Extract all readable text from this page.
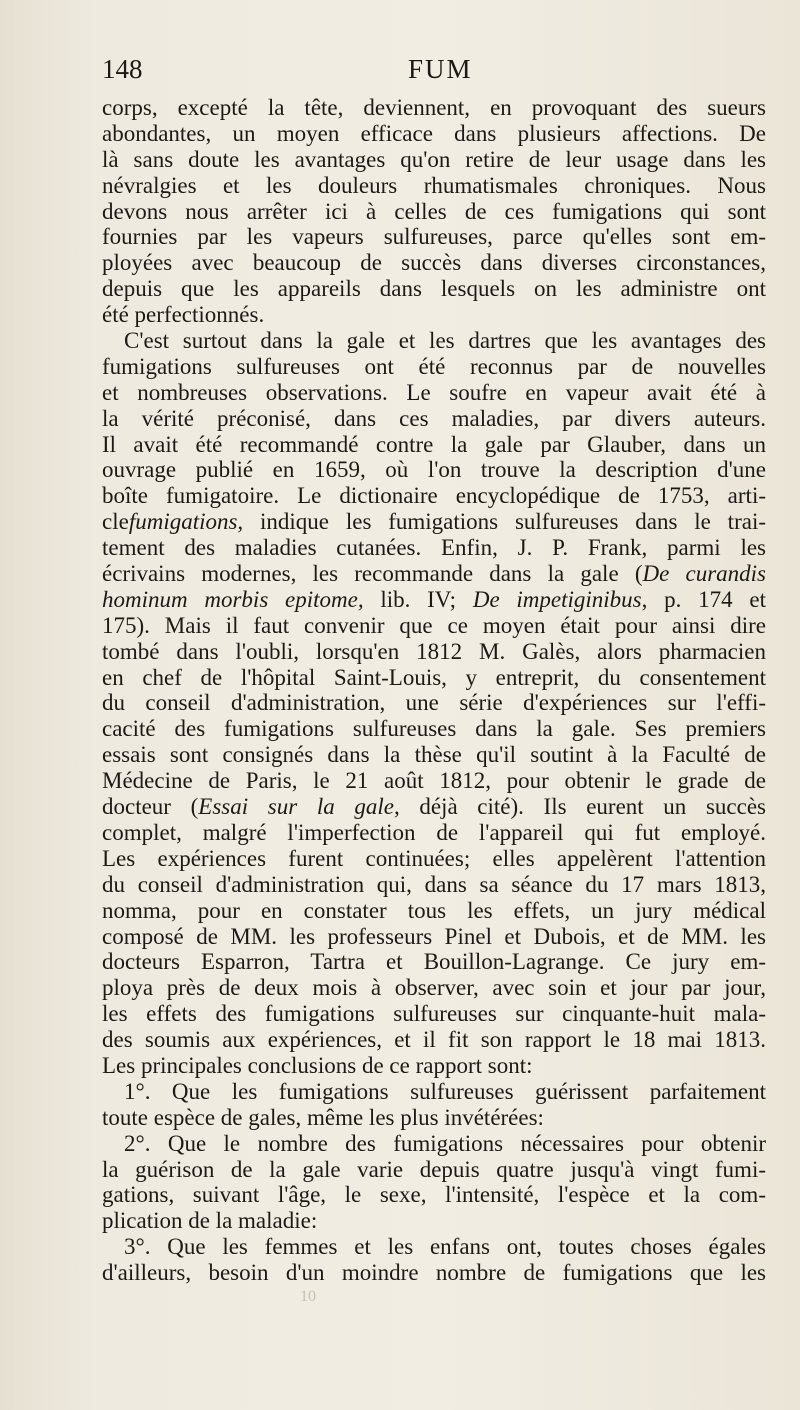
148	FUM
corps, excepté la tête, deviennent, en provoquant des sueurs
abondantes, un moyen efficace dans plusieurs affections. De
là sans doute les avantages qu'on retire de leur usage dans les
névralgies et les douleurs rhumatismales chroniques. Nous
devons nous arrêter ici à celles de ces fumigations qui sont
fournies par les vapeurs sulfureuses, parce qu'elles sont em-
ployées avec beaucoup de succès dans diverses circonstances,
depuis que les appareils dans lesquels on les administre ont
été perfectionnés.
C'est surtout dans la gale et les dartres que les avantages des
fumigations sulfureuses ont été reconnus par de nouvelles
et nombreuses observations. Le soufre en vapeur avait été à
la vérité préconisé, dans ces maladies, par divers auteurs.
Il avait été recommandé contre la gale par Glauber, dans un
ouvrage publié en 1659, où l'on trouve la description d'une
boîte fumigatoire. Le dictionaire encyclopédique de 1753, arti-
clefumigations, indique les fumigations sulfureuses dans le trai-
tement des maladies cutanées. Enfin, J. P. Frank, parmi les
écrivains modernes, les recommande dans la gale (De curandis
hominum morbis epitome, lib. IV; De impetiginibus, p. 174 et
175). Mais il faut convenir que ce moyen était pour ainsi dire
tombé dans l'oubli, lorsqu'en 1812 M. Galès, alors pharmacien
en chef de l'hôpital Saint-Louis, y entreprit, du consentement
du conseil d'administration, une série d'expériences sur l'effi-
cacité des fumigations sulfureuses dans la gale. Ses premiers
essais sont consignés dans la thèse qu'il soutint à la Faculté de
Médecine de Paris, le 21 août 1812, pour obtenir le grade de
docteur (Essai sur la gale, déjà cité). Ils eurent un succès
complet, malgré l'imperfection de l'appareil qui fut employé.
Les expériences furent continuées; elles appelèrent l'attention
du conseil d'administration qui, dans sa séance du 17 mars 1813,
nomma, pour en constater tous les effets, un jury médical
composé de MM. les professeurs Pinel et Dubois, et de MM. les
docteurs Esparron, Tartra et Bouillon-Lagrange. Ce jury em-
ploya près de deux mois à observer, avec soin et jour par jour,
les effets des fumigations sulfureuses sur cinquante-huit mala-
des soumis aux expériences, et il fit son rapport le 18 mai 1813.
Les principales conclusions de ce rapport sont:
1°. Que les fumigations sulfureuses guérissent parfaitement
toute espèce de gales, même les plus invétérées:
2°. Que le nombre des fumigations nécessaires pour obtenir
la guérison de la gale varie depuis quatre jusqu'à vingt fumi-
gations, suivant l'âge, le sexe, l'intensité, l'espèce et la com-
plication de la maladie:
3°. Que les femmes et les enfans ont, toutes choses égales
d'ailleurs, besoin d'un moindre nombre de fumigations que les
10
